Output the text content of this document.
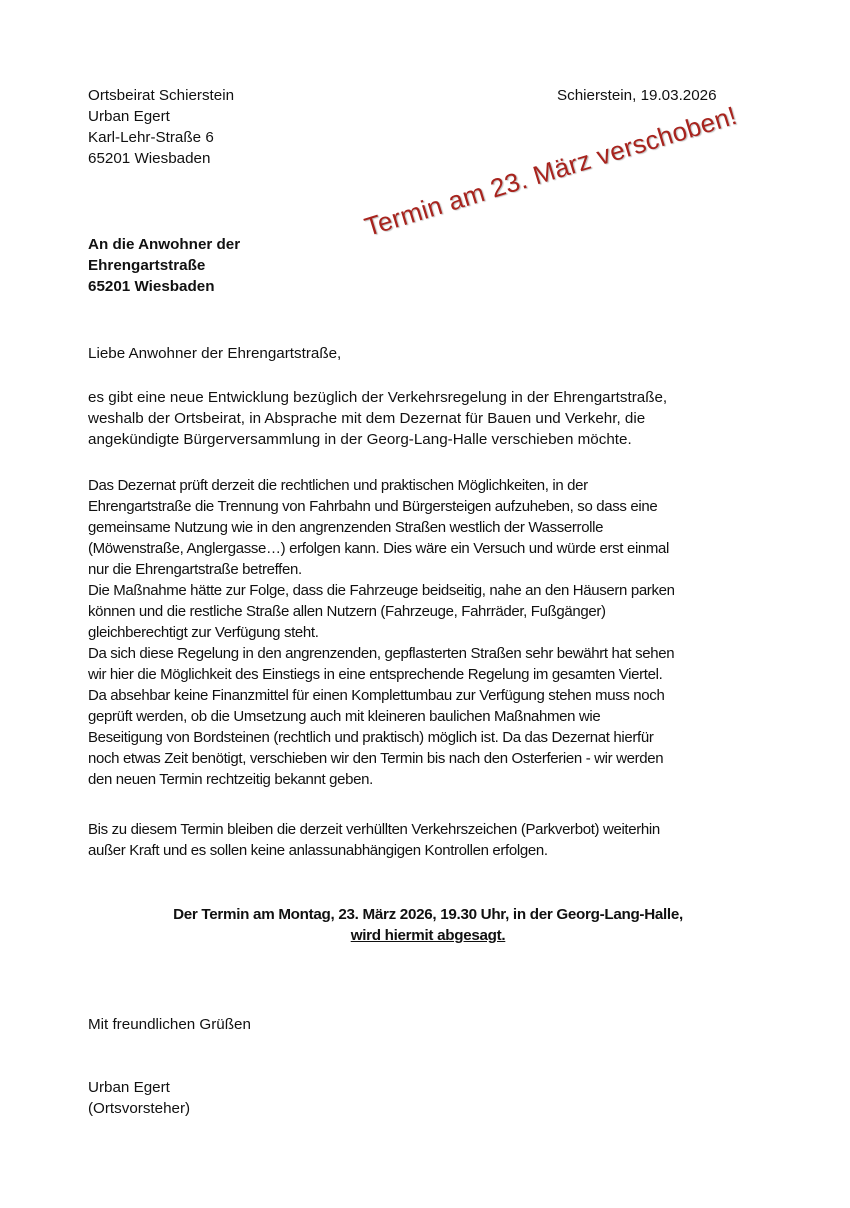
Ortsbeirat Schierstein
Urban Egert
Karl-Lehr-Straße 6
65201 Wiesbaden
Schierstein, 19.03.2026
An die Anwohner der
Ehrengartstraße
65201 Wiesbaden
Termin am 23. März verschoben!
Liebe Anwohner der Ehrengartstraße,
es gibt eine neue Entwicklung bezüglich der Verkehrsregelung in der Ehrengartstraße,
weshalb der Ortsbeirat, in Absprache mit dem Dezernat für Bauen und Verkehr, die
angekündigte Bürgerversammlung in der Georg-Lang-Halle verschieben möchte.
Das Dezernat prüft derzeit die rechtlichen und praktischen Möglichkeiten, in der
Ehrengartstraße die Trennung von Fahrbahn und Bürgersteigen aufzuheben, so dass eine
gemeinsame Nutzung wie in den angrenzenden Straßen westlich der Wasserrolle
(Möwenstraße, Anglergasse…) erfolgen kann. Dies wäre ein Versuch und würde erst einmal
nur die Ehrengartstraße betreffen.
Die Maßnahme hätte zur Folge, dass die Fahrzeuge beidseitig, nahe an den Häusern parken
können und die restliche Straße allen Nutzern (Fahrzeuge, Fahrräder, Fußgänger)
gleichberechtigt zur Verfügung steht.
Da sich diese Regelung in den angrenzenden, gepflasterten Straßen sehr bewährt hat sehen
wir hier die Möglichkeit des Einstiegs in eine entsprechende Regelung im gesamten Viertel.
Da absehbar keine Finanzmittel für einen Komplettumbau zur Verfügung stehen muss noch
geprüft werden, ob die Umsetzung auch mit kleineren baulichen Maßnahmen wie
Beseitigung von Bordsteinen (rechtlich und praktisch) möglich ist. Da das Dezernat hierfür
noch etwas Zeit benötigt, verschieben wir den Termin bis nach den Osterferien - wir werden
den neuen Termin rechtzeitig bekannt geben.
Bis zu diesem Termin bleiben die derzeit verhüllten Verkehrszeichen (Parkverbot) weiterhin
außer Kraft und es sollen keine anlassunabhängigen Kontrollen erfolgen.
Der Termin am Montag, 23. März 2026, 19.30 Uhr, in der Georg-Lang-Halle,
wird hiermit abgesagt.
Mit freundlichen Grüßen
Urban Egert
(Ortsvorsteher)
